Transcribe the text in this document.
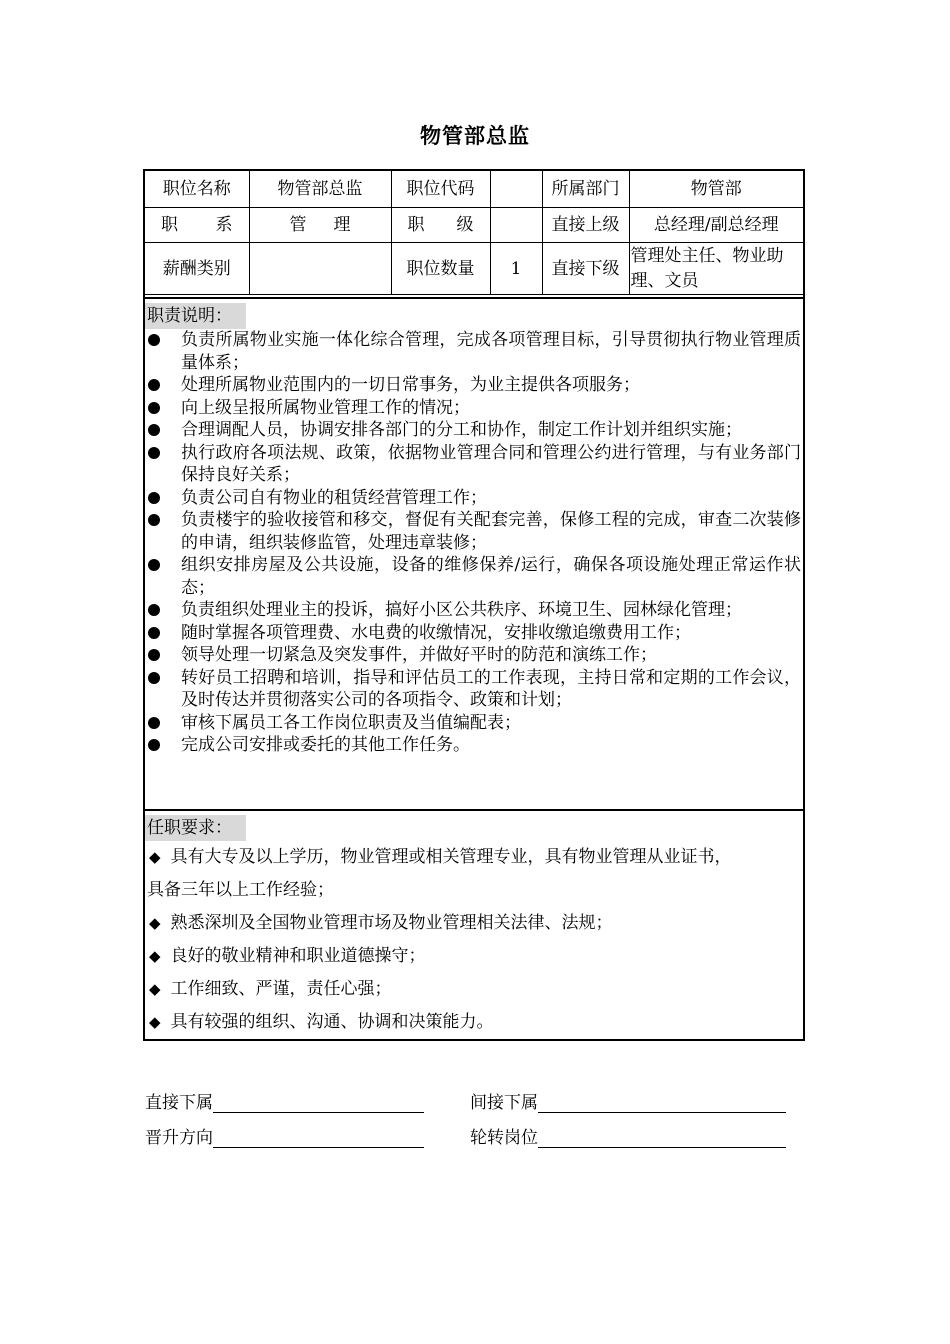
物管部总监
职位名称	物管部总监	职位代码		所属部门	物管部

职 系	管 理	职 级		直接上级	总经理/副总经理
薪酬类别		职位数量	1	直接下级	管理处主任、物业助理、文员
职责说明：
负责所属物业实施一体化综合管理，完成各项管理目标，引导贯彻执行物业管理质量体系；
处理所属物业范围内的一切日常事务，为业主提供各项服务；
向上级呈报所属物业管理工作的情况；
合理调配人员，协调安排各部门的分工和协作，制定工作计划并组织实施；
执行政府各项法规、政策，依据物业管理合同和管理公约进行管理，与有业务部门保持良好关系；
负责公司自有物业的租赁经营管理工作；
负责楼宇的验收接管和移交，督促有关配套完善，保修工程的完成，审查二次装修的申请，组织装修监管，处理违章装修；
组织安排房屋及公共设施，设备的维修保养/运行，确保各项设施处理正常运作状态；
负责组织处理业主的投诉，搞好小区公共秩序、环境卫生、园林绿化管理；
随时掌握各项管理费、水电费的收缴情况，安排收缴追缴费用工作；
领导处理一切紧急及突发事件，并做好平时的防范和演练工作；
转好员工招聘和培训，指导和评估员工的工作表现，主持日常和定期的工作会议，及时传达并贯彻落实公司的各项指令、政策和计划；
审核下属员工各工作岗位职责及当值编配表；
完成公司安排或委托的其他工作任务。
任职要求：
◆ 具有大专及以上学历，物业管理或相关管理专业，具有物业管理从业证书，
具备三年以上工作经验；
◆ 熟悉深圳及全国物业管理市场及物业管理相关法律、法规；
◆ 良好的敬业精神和职业道德操守；
◆ 工作细致、严谨，责任心强；
◆ 具有较强的组织、沟通、协调和决策能力。
直接下属	间接下属
晋升方向	轮转岗位
